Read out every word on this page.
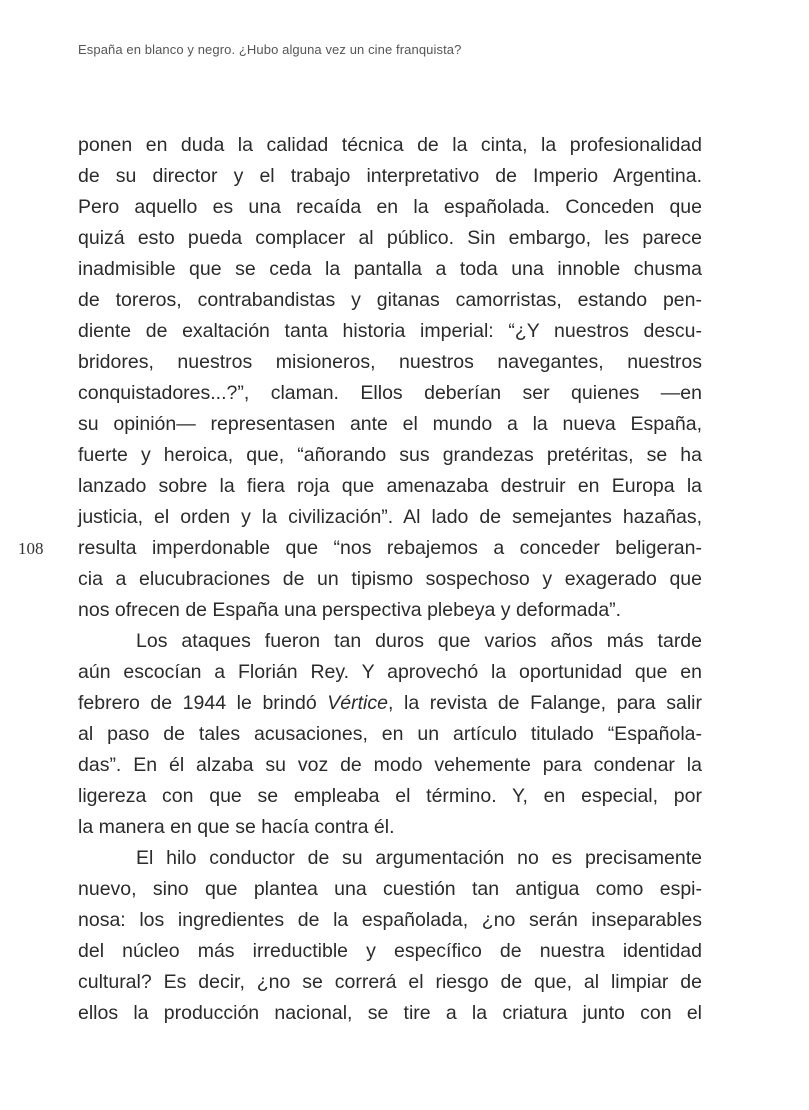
España en blanco y negro. ¿Hubo alguna vez un cine franquista?
108
ponen en duda la calidad técnica de la cinta, la profesionalidad
de su director y el trabajo interpretativo de Imperio Argentina.
Pero aquello es una recaída en la españolada. Conceden que
quizá esto pueda complacer al público. Sin embargo, les parece
inadmisible que se ceda la pantalla a toda una innoble chusma
de toreros, contrabandistas y gitanas camorristas, estando pen-
diente de exaltación tanta historia imperial: “¿Y nuestros descu-
bridores, nuestros misioneros, nuestros navegantes, nuestros
conquistadores...?”, claman. Ellos deberían ser quienes —en
su opinión— representasen ante el mundo a la nueva España,
fuerte y heroica, que, “añorando sus grandezas pretéritas, se ha
lanzado sobre la fiera roja que amenazaba destruir en Europa la
justicia, el orden y la civilización”. Al lado de semejantes hazañas,
resulta imperdonable que “nos rebajemos a conceder beligeran-
cia a elucubraciones de un tipismo sospechoso y exagerado que
nos ofrecen de España una perspectiva plebeya y deformada”.
Los ataques fueron tan duros que varios años más tarde
aún escocían a Florián Rey. Y aprovechó la oportunidad que en
febrero de 1944 le brindó Vértice, la revista de Falange, para salir
al paso de tales acusaciones, en un artículo titulado “Española-
das”. En él alzaba su voz de modo vehemente para condenar la
ligereza con que se empleaba el término. Y, en especial, por
la manera en que se hacía contra él.
El hilo conductor de su argumentación no es precisamente
nuevo, sino que plantea una cuestión tan antigua como espi-
nosa: los ingredientes de la españolada, ¿no serán inseparables
del núcleo más irreductible y específico de nuestra identidad
cultural? Es decir, ¿no se correrá el riesgo de que, al limpiar de
ellos la producción nacional, se tire a la criatura junto con el
